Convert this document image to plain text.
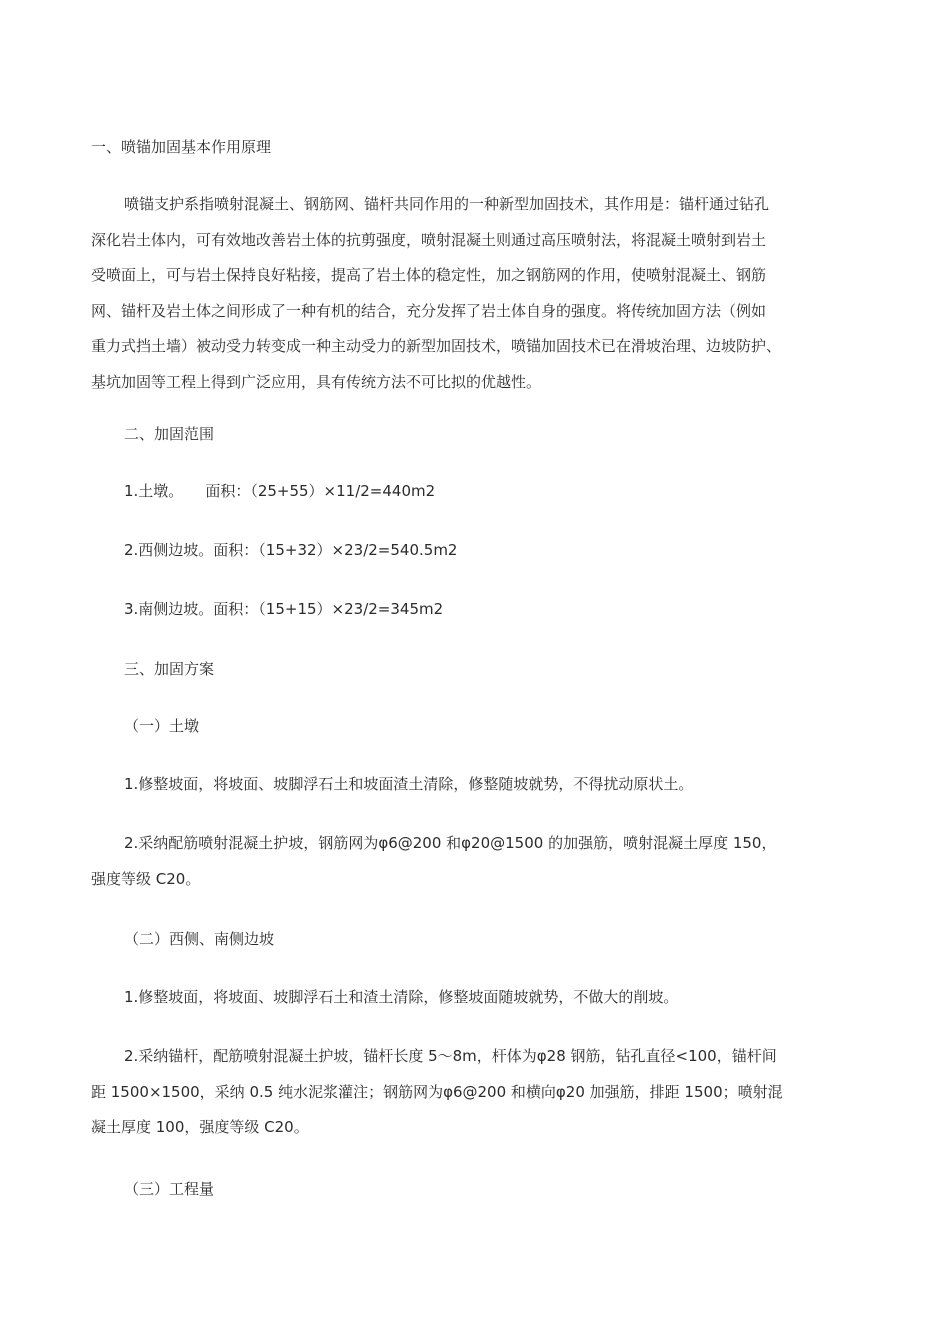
一、喷锚加固基本作用原理

喷锚支护系指喷射混凝土、钢筋网、锚杆共同作用的一种新型加固技术，其作用是：锚杆通过钻孔
深化岩土体内，可有效地改善岩土体的抗剪强度，喷射混凝土则通过高压喷射法，将混凝土喷射到岩土
受喷面上，可与岩土保持良好粘接，提高了岩土体的稳定性，加之钢筋网的作用，使喷射混凝土、钢筋
网、锚杆及岩土体之间形成了一种有机的结合，充分发挥了岩土体自身的强度。将传统加固方法（例如
重力式挡土墙）被动受力转变成一种主动受力的新型加固技术，喷锚加固技术已在滑坡治理、边坡防护、
基坑加固等工程上得到广泛应用，具有传统方法不可比拟的优越性。

二、加固范围

1.土墩。 面积：（25+55）×11/2=440m2

2.西侧边坡。面积：（15+32）×23/2=540.5m2

3.南侧边坡。面积：（15+15）×23/2=345m2

三、加固方案

（一）土墩

1.修整坡面，将坡面、坡脚浮石土和坡面渣土清除，修整随坡就势，不得扰动原状土。

2.采纳配筋喷射混凝土护坡，钢筋网为φ6@200 和φ20@1500 的加强筋，喷射混凝土厚度 150，
强度等级 C20。

（二）西侧、南侧边坡

1.修整坡面，将坡面、坡脚浮石土和渣土清除，修整坡面随坡就势，不做大的削坡。

2.采纳锚杆，配筋喷射混凝土护坡，锚杆长度 5～8m，杆体为φ28 钢筋，钻孔直径<100，锚杆间
距 1500×1500，采纳 0.5 纯水泥浆灌注；钢筋网为φ6@200 和横向φ20 加强筋，排距 1500；喷射混
凝土厚度 100，强度等级 C20。

（三）工程量
